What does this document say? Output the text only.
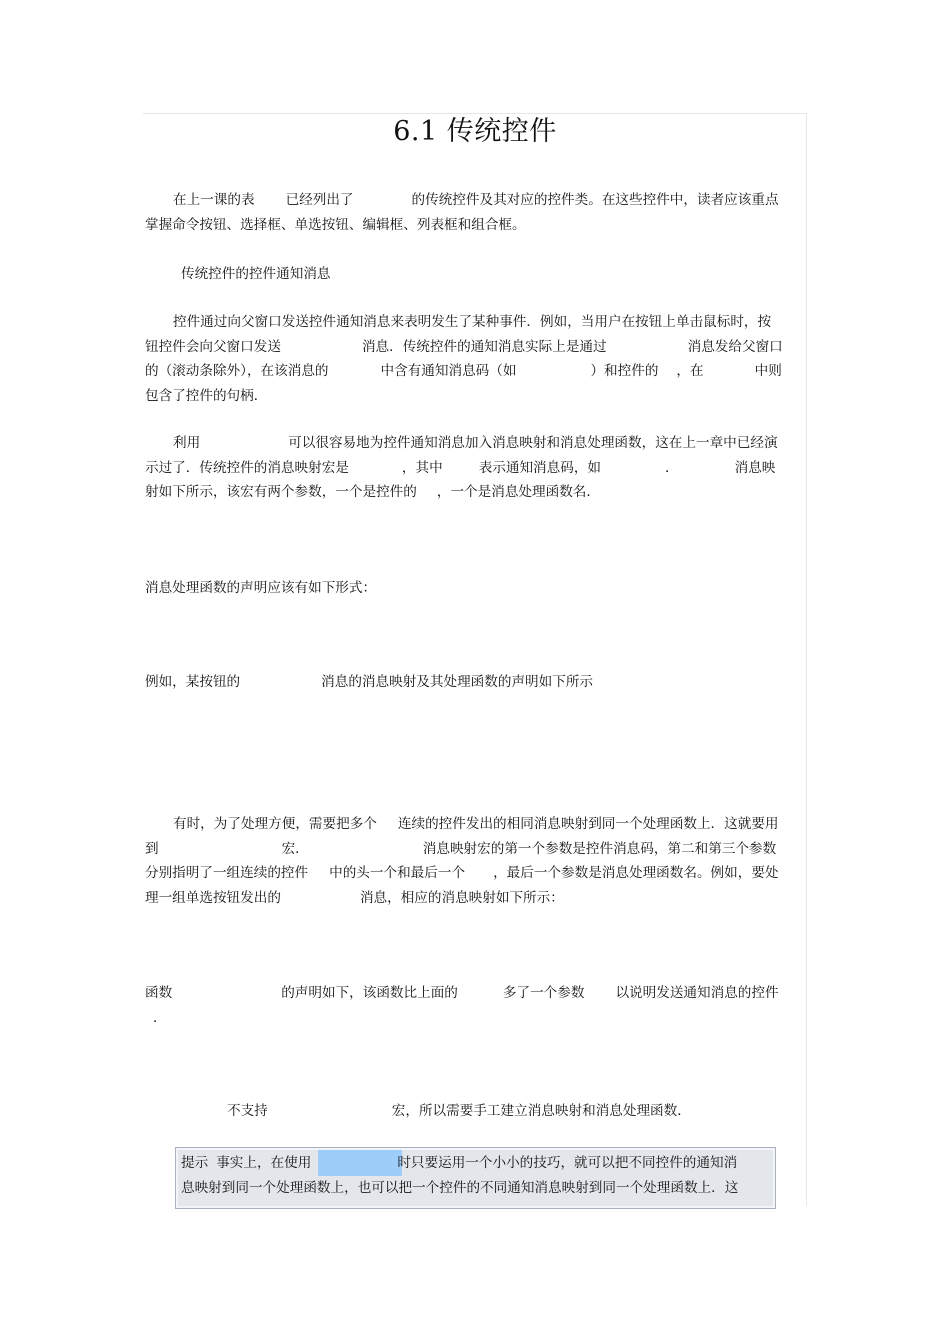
6.1 传统控件
在上一课的表 已经列出了	的传统控件及其对应的控件类。在这些控件中，读者应该重点
掌握命令按钮、选择框、单选按钮、编辑框、列表框和组合框。
传统控件的控件通知消息
控件通过向父窗口发送控件通知消息来表明发生了某种事件．例如，当用户在按钮上单击鼠标时，按
钮控件会向父窗口发送	消息．传统控件的通知消息实际上是通过	消息发给父窗口
的（滚动条除外），在该消息的	中含有通知消息码（如	）和控件的 ，在	中则
包含了控件的句柄．
利用	可以很容易地为控件通知消息加入消息映射和消息处理函数，这在上一章中已经演
示过了．传统控件的消息映射宏是	，其中	表示通知消息码，如	．	消息映
射如下所示，该宏有两个参数，一个是控件的 ，一个是消息处理函数名．
消息处理函数的声明应该有如下形式：
例如，某按钮的	消息的消息映射及其处理函数的声明如下所示
有时，为了处理方便，需要把多个 连续的控件发出的相同消息映射到同一个处理函数上．这就要用
到	宏．	消息映射宏的第一个参数是控件消息码，第二和第三个参数
分别指明了一组连续的控件 中的头一个和最后一个 ，最后一个参数是消息处理函数名。例如，要处
理一组单选按钮发出的	消息，相应的消息映射如下所示：
函数	的声明如下，该函数比上面的	多了一个参数 以说明发送通知消息的控件
．
不支持	宏，所以需要手工建立消息映射和消息处理函数．
提示 事实上，在使用	时只要运用一个小小的技巧，就可以把不同控件的通知消
息映射到同一个处理函数上，也可以把一个控件的不同通知消息映射到同一个处理函数上．这
